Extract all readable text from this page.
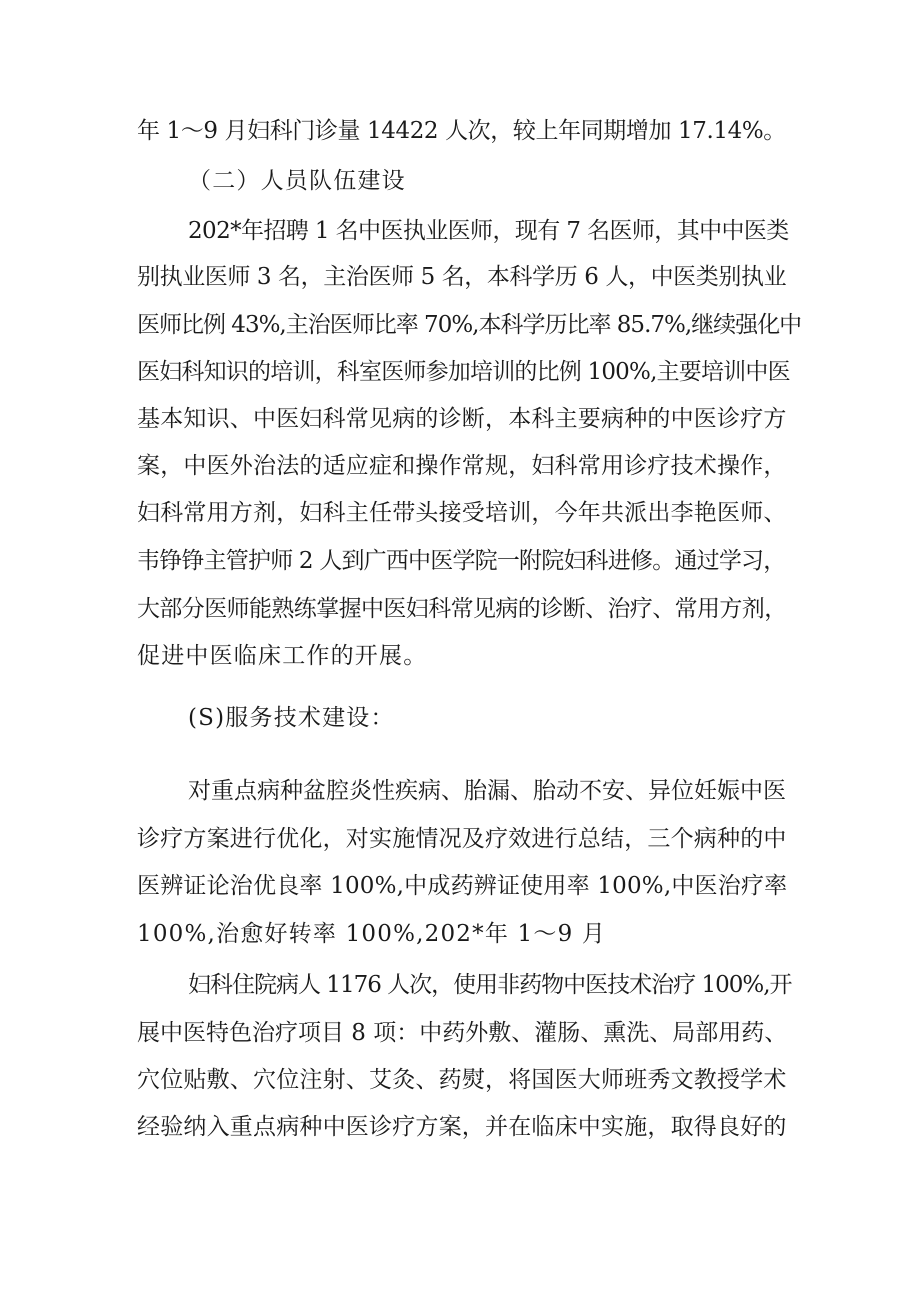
年 1～9 月妇科门诊量 14422 人次，较上年同期增加 17.14%。

（二）人员队伍建设

202*年招聘 1 名中医执业医师，现有 7 名医师，其中中医类

别执业医师 3 名，主治医师 5 名，本科学历 6 人，中医类别执业

医师比例 43%,主治医师比率 70%,本科学历比率 85.7%,继续强化中

医妇科知识的培训，科室医师参加培训的比例 100%,主要培训中医

基本知识、中医妇科常见病的诊断，本科主要病种的中医诊疗方

案，中医外治法的适应症和操作常规，妇科常用诊疗技术操作，

妇科常用方剂，妇科主任带头接受培训，今年共派出李艳医师、

韦铮铮主管护师 2 人到广西中医学院一附院妇科进修。通过学习，

大部分医师能熟练掌握中医妇科常见病的诊断、治疗、常用方剂，

促进中医临床工作的开展。

(S)服务技术建设：

对重点病种盆腔炎性疾病、胎漏、胎动不安、异位妊娠中医

诊疗方案进行优化，对实施情况及疗效进行总结，三个病种的中

医辨证论治优良率 100%,中成药辨证使用率 100%,中医治疗率

100%,治愈好转率 100%,202*年 1～9 月

妇科住院病人 1176 人次，使用非药物中医技术治疗 100%,开

展中医特色治疗项目 8 项：中药外敷、灌肠、熏洗、局部用药、

穴位贴敷、穴位注射、艾灸、药熨，将国医大师班秀文教授学术

经验纳入重点病种中医诊疗方案，并在临床中实施，取得良好的
